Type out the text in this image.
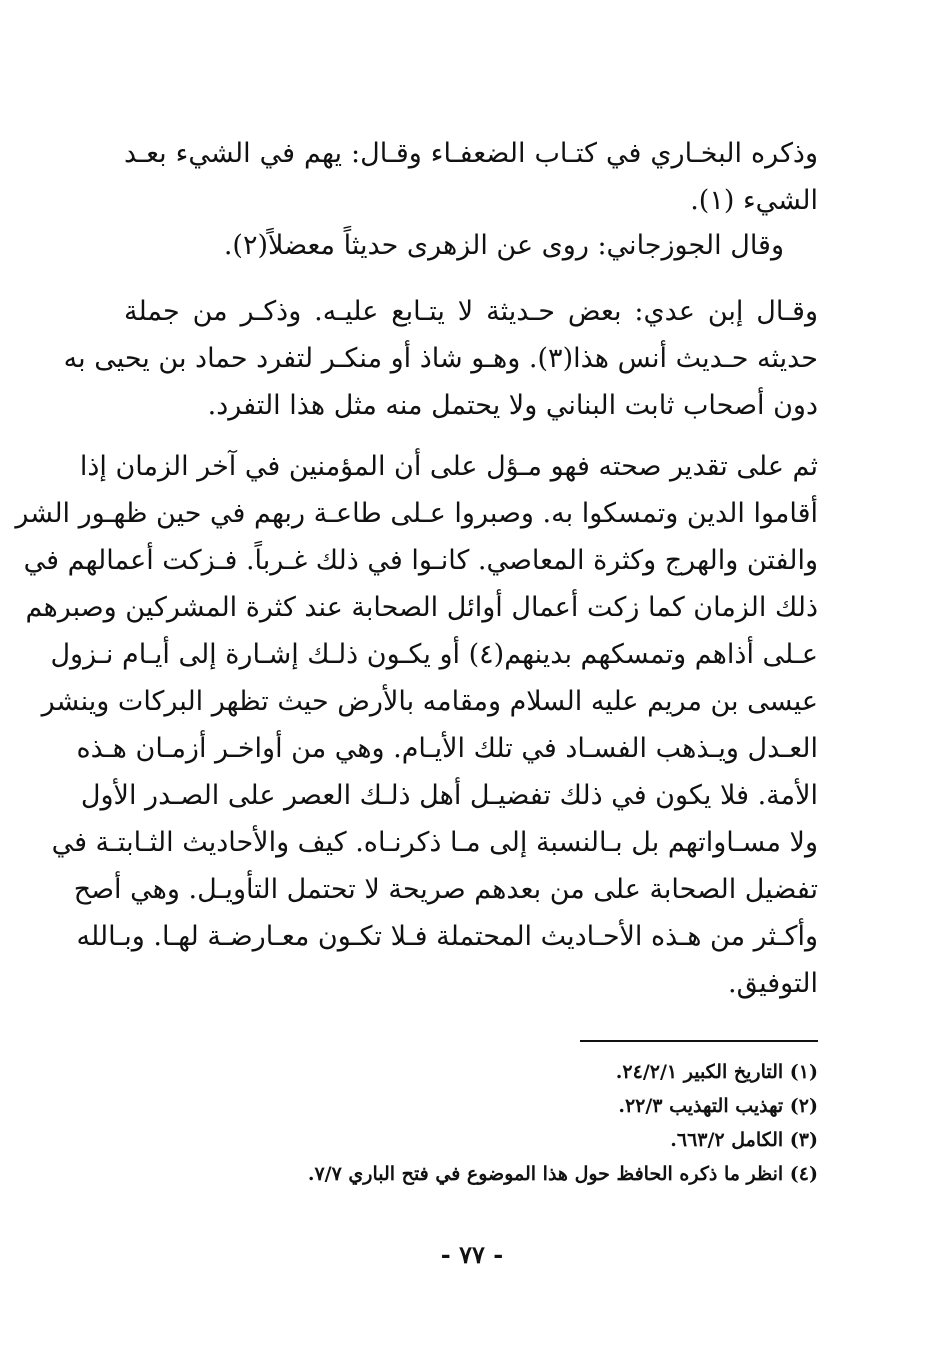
وذكره البخـاري في كتـاب الضعفـاء وقـال: يهم في الشيء بعـد
الشيء (١).
وقال الجوزجاني: روى عن الزهرى حديثاً معضلاً(٢).
وقـال إبن عدي: بعض حـديثة لا يتـابع عليـه. وذكـر من جملة
حديثه حـديث أنس هذا(٣). وهـو شاذ أو منكـر لتفرد حماد بن يحيى به
دون أصحاب ثابت البناني ولا يحتمل منه مثل هذا التفرد.
ثم على تقدير صحته فهو مـؤل على أن المؤمنين في آخر الزمان إذا
أقاموا الدين وتمسكوا به. وصبروا عـلى طاعـة ربهم في حين ظهـور الشر
والفتن والهرج وكثرة المعاصي. كانـوا في ذلك غـرباً. فـزكت أعمالهم في
ذلك الزمان كما زكت أعمال أوائل الصحابة عند كثرة المشركين وصبرهم
عـلى أذاهم وتمسكهم بدينهم(٤) أو يكـون ذلـك إشـارة إلى أيـام نـزول
عيسى بن مريم عليه السلام ومقامه بالأرض حيث تظهر البركات وينشر
العـدل ويـذهب الفسـاد في تلك الأيـام. وهي من أواخـر أزمـان هـذه
الأمة. فلا يكون في ذلك تفضيـل أهل ذلـك العصر على الصـدر الأول
ولا مسـاواتهم بل بـالنسبة إلى مـا ذكرنـاه. كيف والأحاديث الثـابتـة في
تفضيل الصحابة على من بعدهم صريحة لا تحتمل التأويـل. وهي أصح
وأكـثر من هـذه الأحـاديث المحتملة فـلا تكـون معـارضـة لهـا. وبـالله
التوفيق.
(١) التاريخ الكبير ٢٤/٢/١.
(٢) تهذيب التهذيب ٢٢/٣.
(٣) الكامل ٦٦٣/٢.
(٤) انظر ما ذكره الحافظ حول هذا الموضوع في فتح الباري ٧/٧.
- ٧٧ -
